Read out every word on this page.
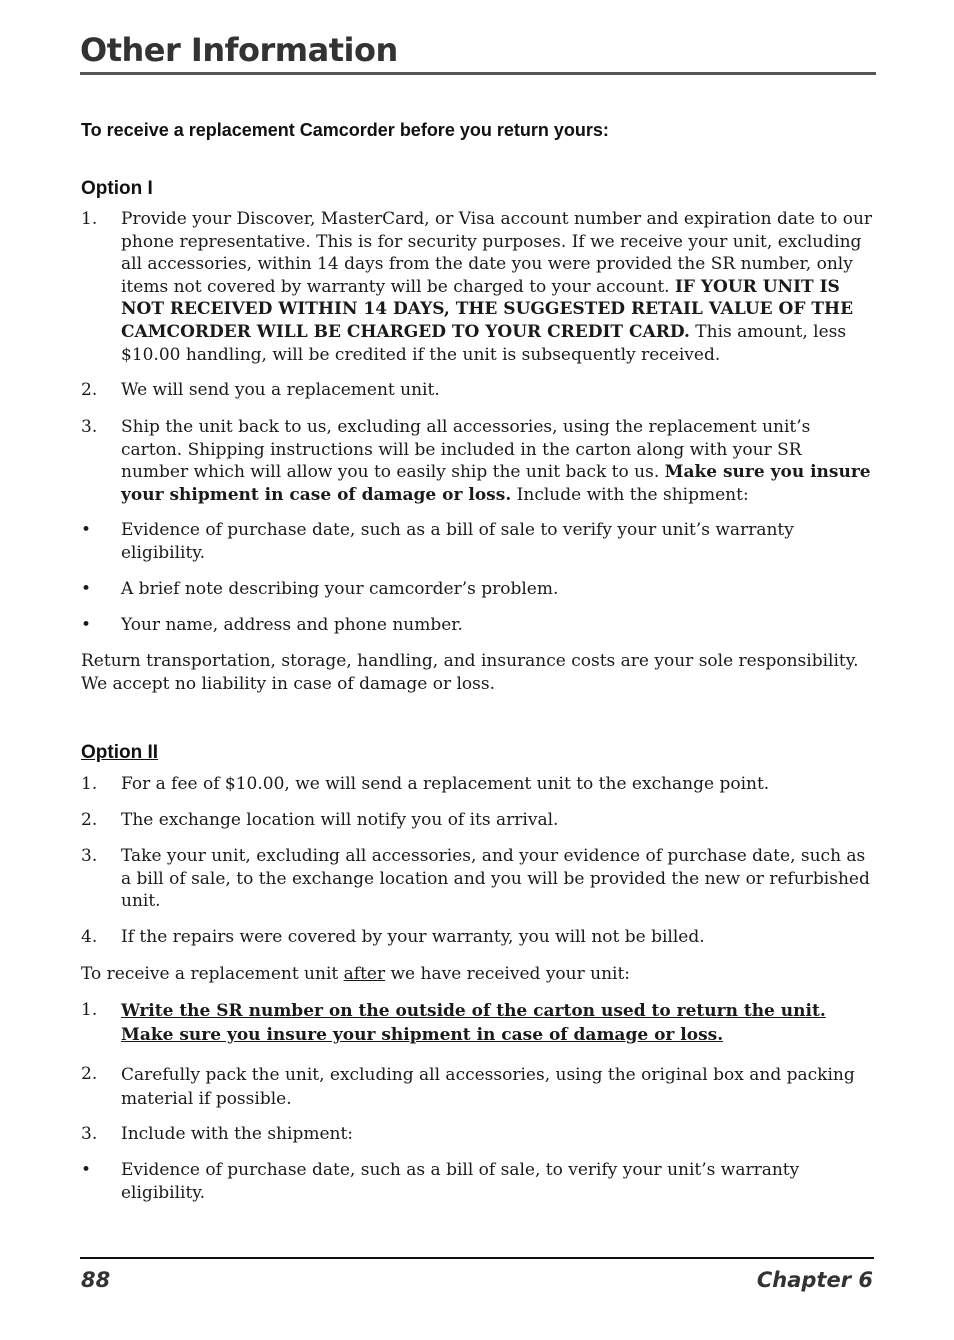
Other Information
To receive a replacement Camcorder before you return yours:
Option I
1.	Provide your Discover, MasterCard, or Visa account number and expiration date to our phone representative. This is for security purposes. If we receive your unit, excluding all accessories, within 14 days from the date you were provided the SR number, only items not covered by warranty will be charged to your account. IF YOUR UNIT IS NOT RECEIVED WITHIN 14 DAYS, THE SUGGESTED RETAIL VALUE OF THE CAMCORDER WILL BE CHARGED TO YOUR CREDIT CARD. This amount, less $10.00 handling, will be credited if the unit is subsequently received.
2.	We will send you a replacement unit.
3.	Ship the unit back to us, excluding all accessories, using the replacement unit’s carton. Shipping instructions will be included in the carton along with your SR number which will allow you to easily ship the unit back to us. Make sure you insure your shipment in case of damage or loss. Include with the shipment:
•	Evidence of purchase date, such as a bill of sale to verify your unit’s warranty eligibility.
•	A brief note describing your camcorder’s problem.
•	Your name, address and phone number.
Return transportation, storage, handling, and insurance costs are your sole responsibility. We accept no liability in case of damage or loss.
Option II
1.	For a fee of $10.00, we will send a replacement unit to the exchange point.
2.	The exchange location will notify you of its arrival.
3.	Take your unit, excluding all accessories, and your evidence of purchase date, such as a bill of sale, to the exchange location and you will be provided the new or refurbished unit.
4.	If the repairs were covered by your warranty, you will not be billed.
To receive a replacement unit after we have received your unit:
1.	Write the SR number on the outside of the carton used to return the unit. Make sure you insure your shipment in case of damage or loss.
2.	Carefully pack the unit, excluding all accessories, using the original box and packing material if possible.
3.	Include with the shipment:
•	Evidence of purchase date, such as a bill of sale, to verify your unit’s warranty eligibility.
88	Chapter 6
